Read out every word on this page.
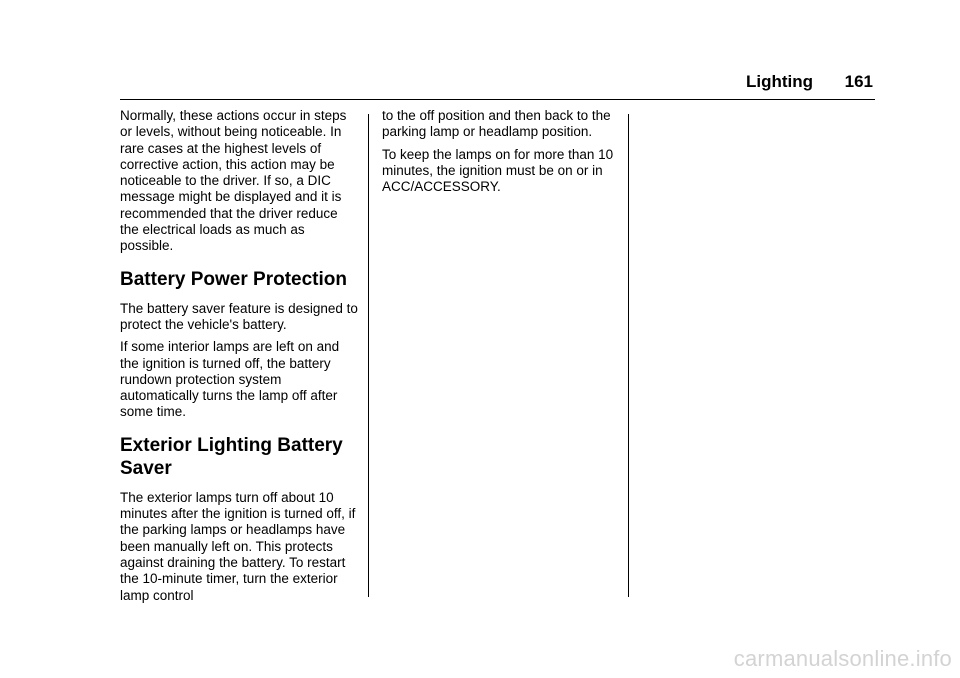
Lighting 161

Normally, these actions occur in steps or levels, without being noticeable. In rare cases at the highest levels of corrective action, this action may be noticeable to the driver. If so, a DIC message might be displayed and it is recommended that the driver reduce the electrical loads as much as possible.

Battery Power Protection

The battery saver feature is designed to protect the vehicle's battery.

If some interior lamps are left on and the ignition is turned off, the battery rundown protection system automatically turns the lamp off after some time.

Exterior Lighting Battery Saver

The exterior lamps turn off about 10 minutes after the ignition is turned off, if the parking lamps or headlamps have been manually left on. This protects against draining the battery. To restart the 10-minute timer, turn the exterior lamp control

to the off position and then back to the parking lamp or headlamp position.

To keep the lamps on for more than 10 minutes, the ignition must be on or in ACC/ACCESSORY.

carmanualsonline.info
